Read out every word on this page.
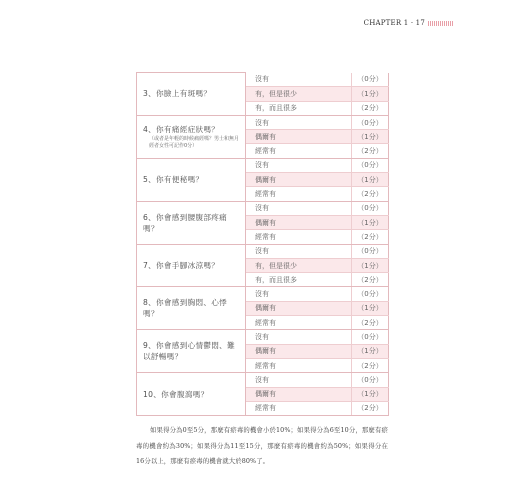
CHAPTER 1 · 17
3、你臉上有斑嗎？	沒有	（0分）
	有，但是很少	（1分）
	有，而且很多	（2分）

4、你有痛經症狀嗎？
（或者是年輕的時候痛經嗎？男士和無月經者女性可記作0分）	沒有	（0分）
	偶爾有	（1分）
	經常有	（2分）

5、你有便秘嗎？	沒有	（0分）
	偶爾有	（1分）
	經常有	（2分）

6、你會感到腰腹部疼痛嗎？	沒有	（0分）
	偶爾有	（1分）
	經常有	（2分）

7、你會手腳冰涼嗎？	沒有	（0分）
	有，但是很少	（1分）
	有，而且很多	（2分）

8、你會感到胸悶、心悸嗎？	沒有	（0分）
	偶爾有	（1分）
	經常有	（2分）

9、你會感到心情鬱悶、難以舒暢嗎？	沒有	（0分）
	偶爾有	（1分）
	經常有	（2分）

10、你會腹瀉嗎？	沒有	（0分）
	偶爾有	（1分）
	經常有	（2分）
如果得分為0至5分，那麼有瘀毒的機會小於10%；如果得分為6至10分，那麼有瘀毒的機會約為30%；如果得分為11至15分，那麼有瘀毒的機會約為50%；如果得分在16分以上，那麼有瘀毒的機會就大於80%了。
